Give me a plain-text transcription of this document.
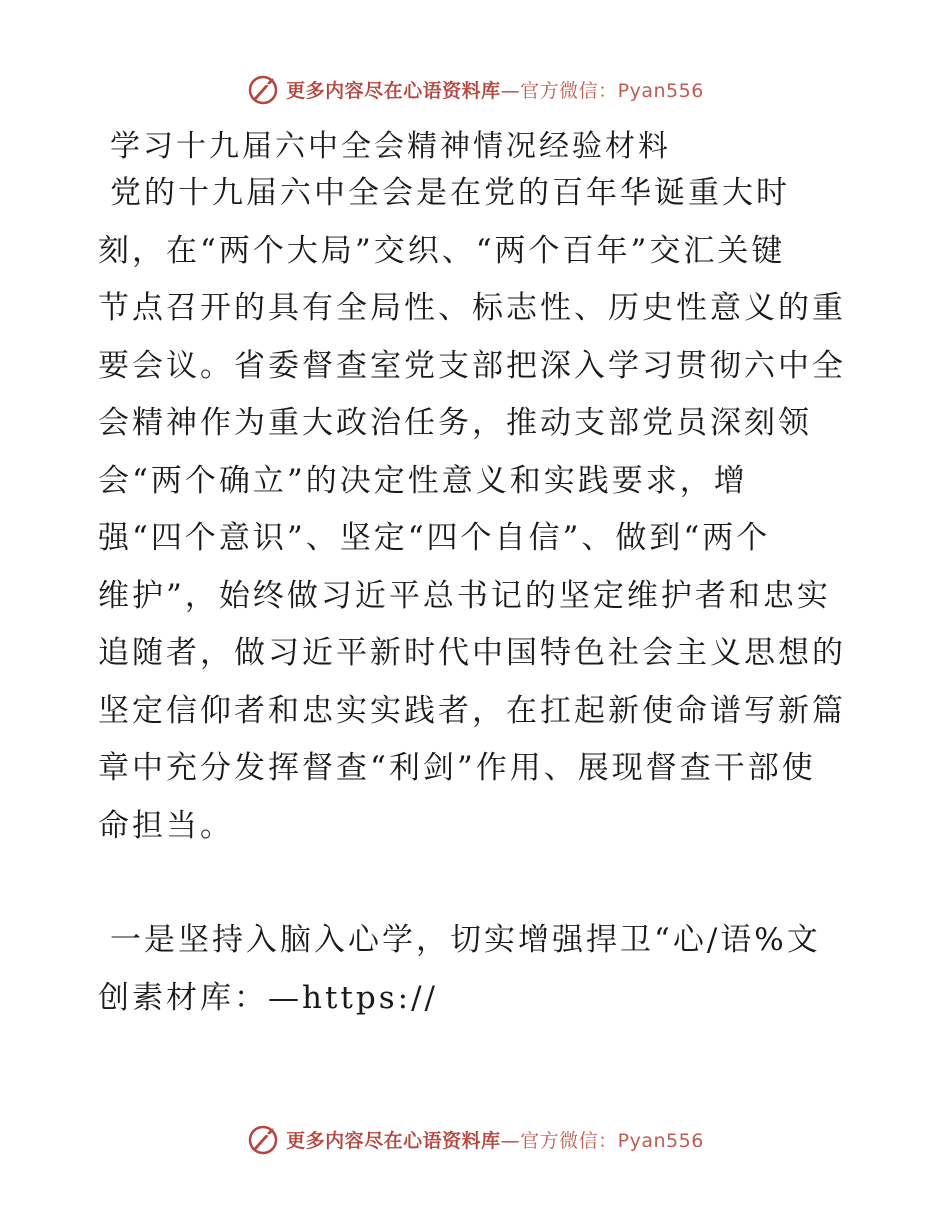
更多内容尽在心语资料库—官方微信：Pyan556
学习十九届六中全会精神情况经验材料
党的十九届六中全会是在党的百年华诞重大时
刻，在“两个大局”交织、“两个百年”交汇关键
节点召开的具有全局性、标志性、历史性意义的重
要会议。省委督查室党支部把深入学习贯彻六中全
会精神作为重大政治任务，推动支部党员深刻领
会“两个确立”的决定性意义和实践要求，增
强“四个意识”、坚定“四个自信”、做到“两个
维护”，始终做习近平总书记的坚定维护者和忠实
追随者，做习近平新时代中国特色社会主义思想的
坚定信仰者和忠实实践者，在扛起新使命谱写新篇
章中充分发挥督查“利剑”作用、展现督查干部使
命担当。
一是坚持入脑入心学，切实增强捍卫“心/语%文
创素材库：—https://
更多内容尽在心语资料库—官方微信：Pyan556
